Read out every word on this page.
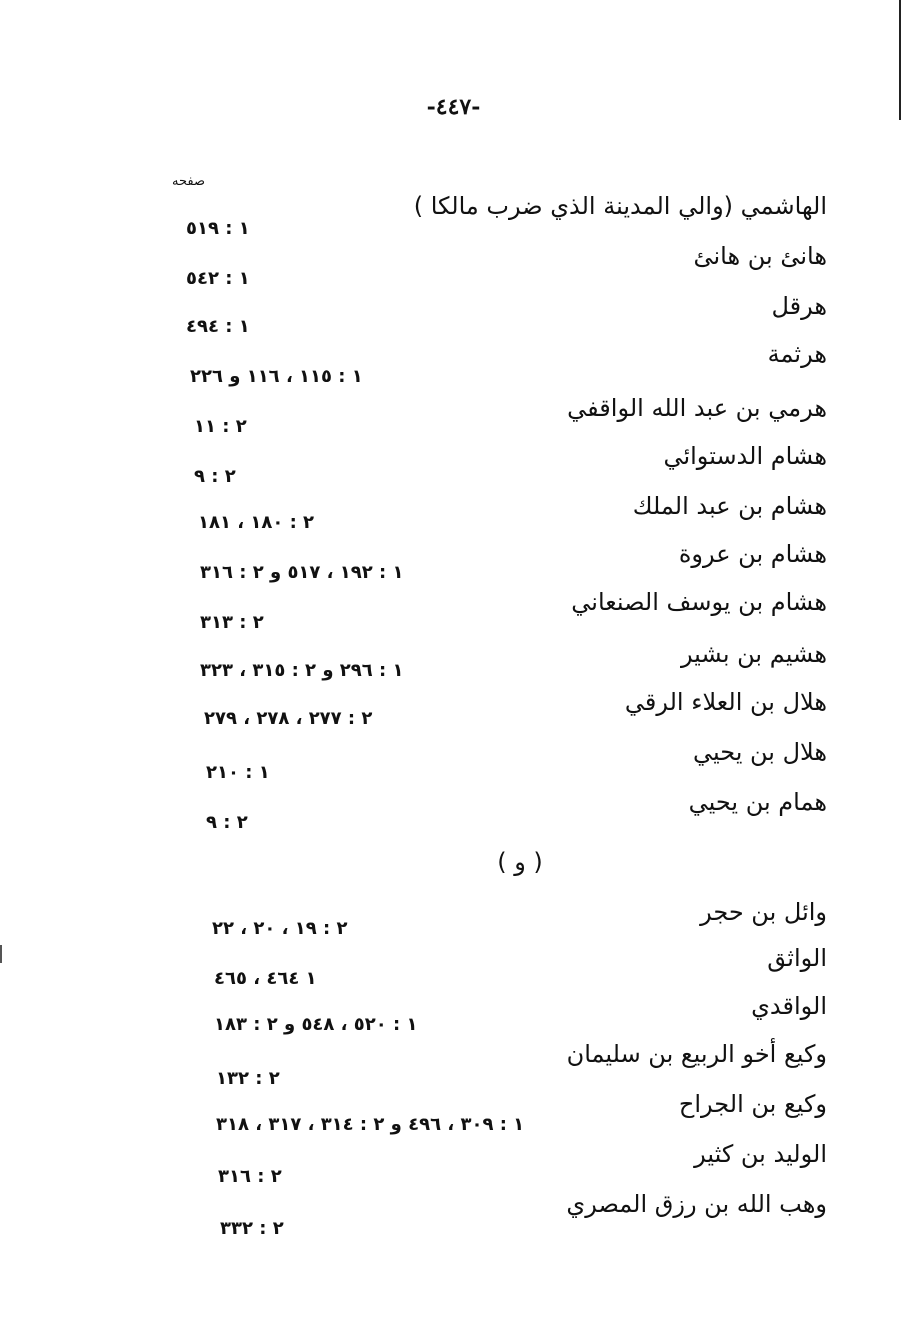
-٤٤٧-
صفحه
الهاشمي (والي المدينة الذي ضرب مالكا )
١ : ٥١٩
هانئ بن هانئ
١ : ٥٤٢
هرقل
١ : ٤٩٤
هرثمة
١ : ١١٥ ، ١١٦ و ٢٢٦
هرمي بن عبد الله الواقفي
٢ : ١١
هشام الدستوائي
٢ : ٩
هشام بن عبد الملك
٢ : ١٨٠ ، ١٨١
هشام بن عروة
١ : ١٩٢ ، ٥١٧ و ٢ : ٣١٦
هشام بن يوسف الصنعاني
٢ : ٣١٣
هشيم بن بشير
١ : ٢٩٦ و ٢ : ٣١٥ ، ٣٢٣
هلال بن العلاء الرقي
٢ : ٢٧٧ ، ٢٧٨ ، ٢٧٩
هلال بن يحيي
١ : ٢١٠
همام بن يحيي
٢ : ٩
( و )
وائل بن حجر
٢ : ١٩ ، ٢٠ ، ٢٢
الواثق
١ ٤٦٤ ، ٤٦٥
الواقدي
١ : ٥٢٠ ، ٥٤٨ و ٢ : ١٨٣
وكيع أخو الربيع بن سليمان
٢ : ١٣٢
وكيع بن الجراح
١ : ٣٠٩ ، ٤٩٦ و ٢ : ٣١٤ ، ٣١٧ ، ٣١٨
الوليد بن كثير
٢ : ٣١٦
وهب الله بن رزق المصري
٢ : ٣٣٢
